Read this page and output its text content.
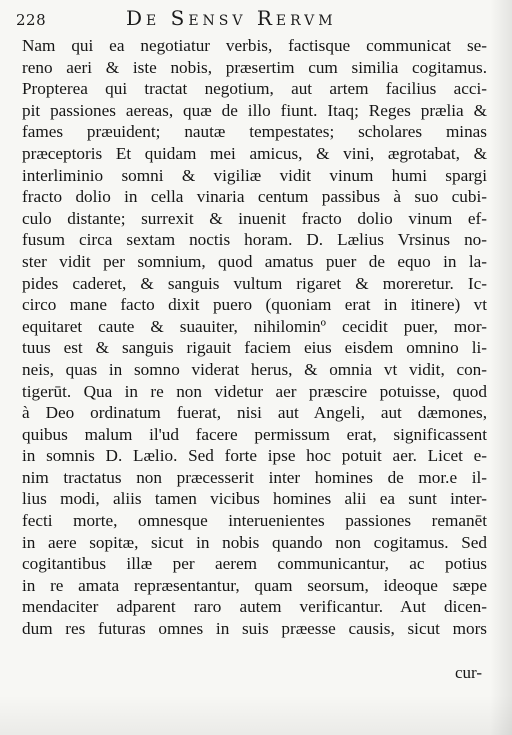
228	De Sensv Rervm
Nam qui ea negotiatur verbis, factisque communicat se-
reno aeri & iste nobis, præsertim cum similia cogitamus.
Propterea qui tractat negotium, aut artem facilius acci-
pit passiones aereas, quæ de illo fiunt. Itaq; Reges prælia &
fames præuident; nautæ tempestates; scholares minas
præceptoris Et quidam mei amicus, & vini, ægrotabat, &
interliminio somni & vigiliæ vidit vinum humi spargi
fracto dolio in cella vinaria centum passibus à suo cubi-
culo distante; surrexit & inuenit fracto dolio vinum ef-
fusum circa sextam noctis horam. D. Lælius Vrsinus no-
ster vidit per somnium, quod amatus puer de equo in la-
pides caderet, & sanguis vultum rigaret & moreretur. Ic-
circo mane facto dixit puero (quoniam erat in itinere) vt
equitaret caute & suauiter, nihilominº cecidit puer, mor-
tuus est & sanguis rigauit faciem eius eisdem omnino li-
neis, quas in somno viderat herus, & omnia vt vidit, con-
tigerūt. Qua in re non videtur aer præscire potuisse, quod
à Deo ordinatum fuerat, nisi aut Angeli, aut dæmones,
quibus malum il'ud facere permissum erat, significassent
in somnis D. Lælio. Sed forte ipse hoc potuit aer. Licet e-
nim tractatus non præcesserit inter homines de mor.e il-
lius modi, aliis tamen vicibus homines alii ea sunt inter-
fecti morte, omnesque interuenientes passiones remanēt
in aere sopitæ, sicut in nobis quando non cogitamus. Sed
cogitantibus illæ per aerem communicantur, ac potius
in re amata repræsentantur, quam seorsum, ideoque sæpe
mendaciter adparent raro autem verificantur. Aut dicen-
dum res futuras omnes in suis præesse causis, sicut mors
cur-
